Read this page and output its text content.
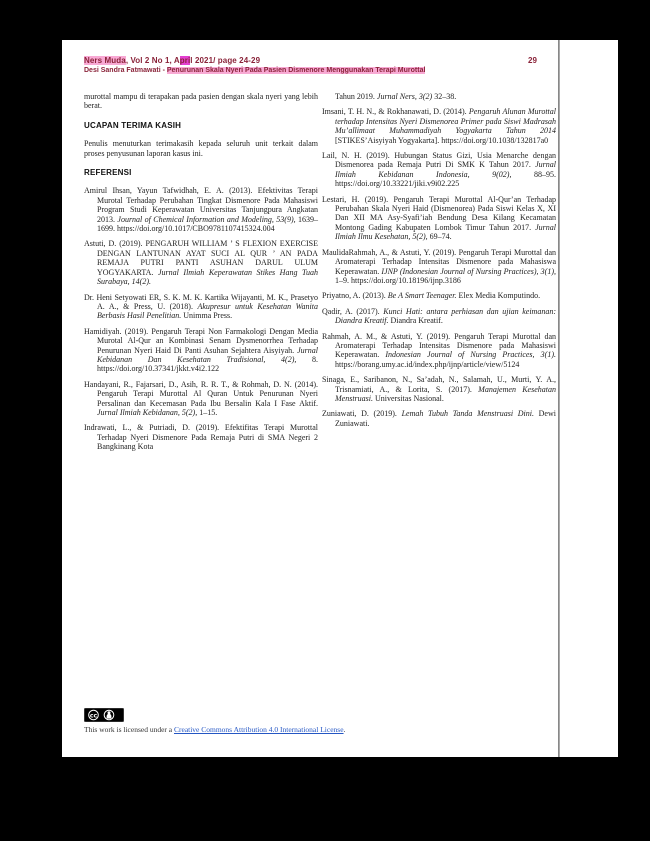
Ners Muda, Vol 2 No 1, April 2021/ page 24-29
Desi Sandra Fatmawati - Penurunan Skala Nyeri Pada Pasien Dismenore Menggunakan Terapi Murottal
29

murottal mampu di terapakan pada pasien dengan skala nyeri yang lebih berat.

UCAPAN TERIMA KASIH

Penulis menuturkan terimakasih kepada seluruh unit terkait dalam proses penyusunan laporan kasus ini.

REFERENSI

Amirul Ihsan, Yayun Tafwidhah, E. A. (2013). Efektivitas Terapi Murotal Terhadap Perubahan Tingkat Dismenore Pada Mahasiswi Program Studi Keperawatan Universitas Tanjungpura Angkatan 2013. Journal of Chemical Information and Modeling, 53(9), 1639–1699. https://doi.org/10.1017/CBO9781107415324.004

Astuti, D. (2019). PENGARUH WILLIAM ’ S FLEXION EXERCISE DENGAN LANTUNAN AYAT SUCI AL QUR ’ AN PADA REMAJA PUTRI PANTI ASUHAN DARUL ULUM YOGYAKARTA. Jurnal Ilmiah Keperawatan Stikes Hang Tuah Surabaya, 14(2).

Dr. Heni Setyowati ER, S. K. M. K. Kartika Wijayanti, M. K., Prasetyo A. A., & Press, U. (2018). Akupresur untuk Kesehatan Wanita Berbasis Hasil Penelitian. Unimma Press.

Hamidiyah. (2019). Pengaruh Terapi Non Farmakologi Dengan Media Murotal Al-Qur an Kombinasi Senam Dysmenorrhea Terhadap Penurunan Nyeri Haid Di Panti Asuhan Sejahtera Aisyiyah. Jurnal Kebidanan Dan Kesehatan Tradisional, 4(2), 8. https://doi.org/10.37341/jkkt.v4i2.122

Handayani, R., Fajarsari, D., Asih, R. R. T., & Rohmah, D. N. (2014). Pengaruh Terapi Murottal Al Quran Untuk Penurunan Nyeri Persalinan dan Kecemasan Pada Ibu Bersalin Kala I Fase Aktif. Jurnal Ilmiah Kebidanan, 5(2), 1–15.

Indrawati, L., & Putriadi, D. (2019). Efektifitas Terapi Murottal Terhadap Nyeri Dismenore Pada Remaja Putri di SMA Negeri 2 Bangkinang Kota

Tahun 2019. Jurnal Ners, 3(2) 32–38.

Imsani, T. H. N., & Rokhanawati, D. (2014). Pengaruh Alunan Murottal terhadap Intensitas Nyeri Dismenorea Primer pada Siswi Madrasah Mu’allimaat Muhammadiyah Yogyakarta Tahun 2014 [STIKES’Aisyiyah Yogyakarta]. https://doi.org/10.1038/132817a0

Lail, N. H. (2019). Hubungan Status Gizi, Usia Menarche dengan Dismenorea pada Remaja Putri Di SMK K Tahun 2017. Jurnal Ilmiah Kebidanan Indonesia, 9(02), 88–95. https://doi.org/10.33221/jiki.v9i02.225

Lestari, H. (2019). Pengaruh Terapi Murottal Al-Qur’an Terhadap Perubahan Skala Nyeri Haid (Dismenorea) Pada Siswi Kelas X, XI Dan XII MA Asy-Syafi’iah Bendung Desa Kilang Kecamatan Montong Gading Kabupaten Lombok Timur Tahun 2017. Jurnal Ilmiah Ilmu Kesehatan, 5(2), 69–74.

MaulidaRahmah, A., & Astuti, Y. (2019). Pengaruh Terapi Murottal dan Aromaterapi Terhadap Intensitas Dismenore pada Mahasiswa Keperawatan. IJNP (Indonesian Journal of Nursing Practices), 3(1), 1–9. https://doi.org/10.18196/ijnp.3186

Priyatno, A. (2013). Be A Smart Teenager. Elex Media Komputindo.

Qadir, A. (2017). Kunci Hati: antara perhiasan dan ujian keimanan: Diandra Kreatif. Diandra Kreatif.

Rahmah, A. M., & Astuti, Y. (2019). Pengaruh Terapi Murottal dan Aromaterapi Terhadap Intensitas Dismenore pada Mahasiswi Keperawatan. Indonesian Journal of Nursing Practices, 3(1). https://borang.umy.ac.id/index.php/ijnp/article/view/5124

Sinaga, E., Saribanon, N., Sa’adah, N., Salamah, U., Murti, Y. A., Trisnamiati, A., & Lorita, S. (2017). Manajemen Kesehatan Menstruasi. Universitas Nasional.

Zuniawati, D. (2019). Lemah Tubuh Tanda Menstruasi Dini. Dewi Zuniawati.

cc
This work is licensed under a Creative Commons Attribution 4.0 International License.
